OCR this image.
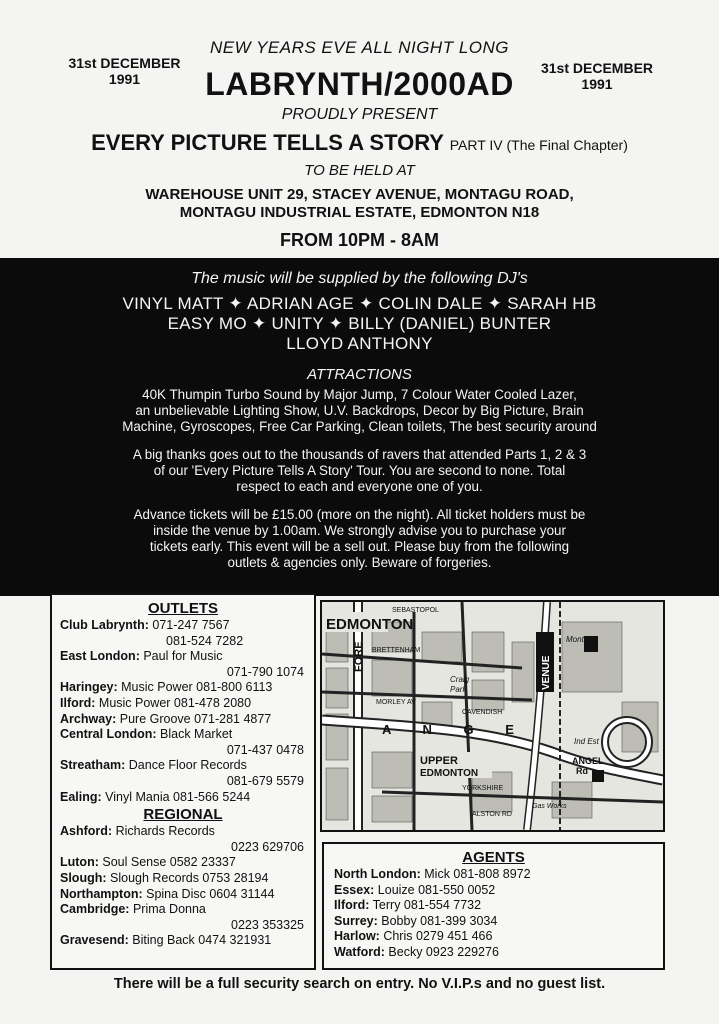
31st DECEMBER
1991
31st DECEMBER
1991
NEW YEARS EVE ALL NIGHT LONG
LABRYNTH/2000AD
PROUDLY PRESENT
EVERY PICTURE TELLS A STORY PART IV (The Final Chapter)
TO BE HELD AT
WAREHOUSE UNIT 29, STACEY AVENUE, MONTAGU ROAD,
MONTAGU INDUSTRIAL ESTATE, EDMONTON N18
FROM 10PM - 8AM
The music will be supplied by the following DJ's
VINYL MATT ✦ ADRIAN AGE ✦ COLIN DALE ✦ SARAH HB
EASY MO ✦ UNITY ✦ BILLY (DANIEL) BUNTER
LLOYD ANTHONY
ATTRACTIONS

40K Thumpin Turbo Sound by Major Jump, 7 Colour Water Cooled Lazer,
an unbelievable Lighting Show, U.V. Backdrops, Decor by Big Picture, Brain
Machine, Gyroscopes, Free Car Parking, Clean toilets, The best security around

A big thanks goes out to the thousands of ravers that attended Parts 1, 2 & 3
of our 'Every Picture Tells A Story' Tour. You are second to none. Total
respect to each and everyone one of you.

Advance tickets will be £15.00 (more on the night). All ticket holders must be
inside the venue by 1.00am. We strongly advise you to purchase your
tickets early. This event will be a sell out. Please buy from the following
outlets & agencies only. Beware of forgeries.

OUTLETS
Club Labrynth: 071-247 7567
081-524 7282
East London: Paul for Music
071-790 1074
Haringey: Music Power 081-800 6113
Ilford: Music Power 081-478 2080
Archway: Pure Groove 071-281 4877
Central London: Black Market
071-437 0478
Streatham: Dance Floor Records
081-679 5579
Ealing: Vinyl Mania 081-566 5244
REGIONAL
Ashford: Richards Records
0223 629706
Luton: Soul Sense 0582 23337
Slough: Slough Records 0753 28194
Northampton: Spina Disc 0604 31144
Cambridge: Prima Donna
0223 353325
Gravesend: Biting Back 0474 321931
EDMONTON
FORE	VENUE
SEBASTOPOL
BRETTENHAM
Craig
Park
MORLEY AV
CAVENDISH
A N G E
UPPER
EDMONTON
YORKSHIRE
ALSTON RD
Montagu
Ind Est
ANGEL
Rd
Gas Works
AGENTS
North London: Mick 081-808 8972
Essex: Louize 081-550 0052
Ilford: Terry 081-554 7732
Surrey: Bobby 081-399 3034
Harlow: Chris 0279 451 466
Watford: Becky 0923 229276
There will be a full security search on entry. No V.I.P.s and no guest list.
